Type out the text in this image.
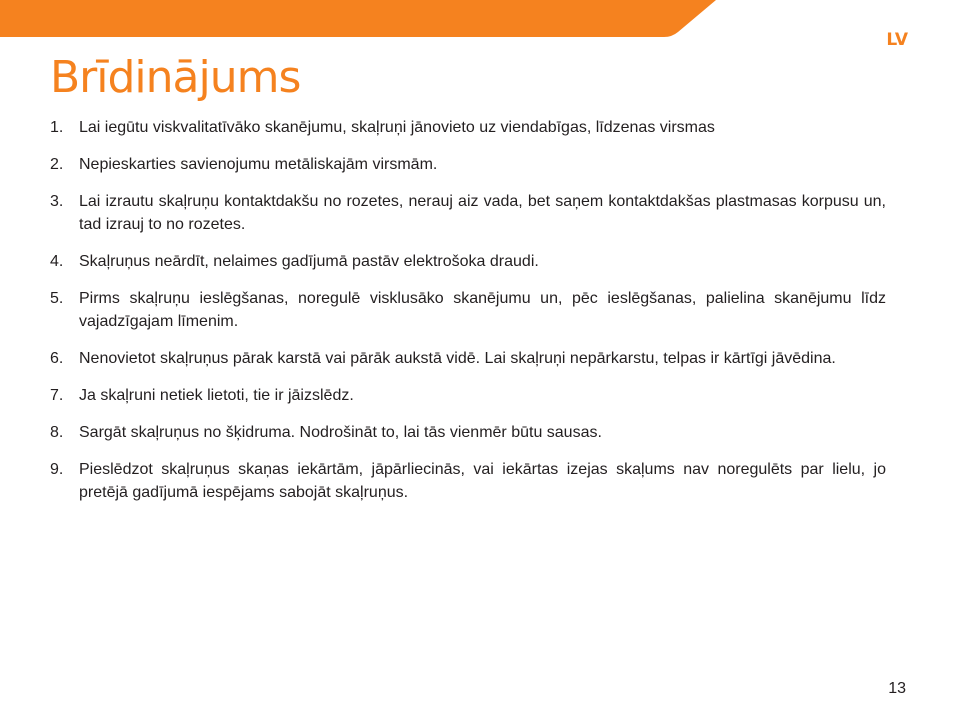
LV
Brīdinājums
1. Lai iegūtu viskvalitatīvāko skanējumu, skaļruņi jānovieto uz viendabīgas, līdzenas virsmas
2. Nepieskarties savienojumu metāliskajām virsmām.
3. Lai izrautu skaļruņu kontaktdakšu no rozetes, nerauj aiz vada, bet saņem kontaktdakšas plastmasas korpusu un, tad izrauj to no rozetes.
4. Skaļruņus neārdīt, nelaimes gadījumā pastāv elektrošoka draudi.
5. Pirms skaļruņu ieslēgšanas, noregulē visklusāko skanējumu un, pēc ieslēgšanas, palielina skanējumu līdz vajadzīgajam līmenim.
6. Nenovietot skaļruņus pārak karstā vai pārāk aukstā vidē. Lai skaļruņi nepārkarstu, telpas ir kārtīgi jāvēdina.
7. Ja skaļruni netiek lietoti, tie ir jāizslēdz.
8. Sargāt skaļruņus no šķidruma. Nodrošināt to, lai tās vienmēr būtu sausas.
9. Pieslēdzot skaļruņus skaņas iekārtām, jāpārliecinās, vai iekārtas izejas skaļums nav noregulēts par lielu, jo pretējā gadījumā iespējams sabojāt skaļruņus.
13
